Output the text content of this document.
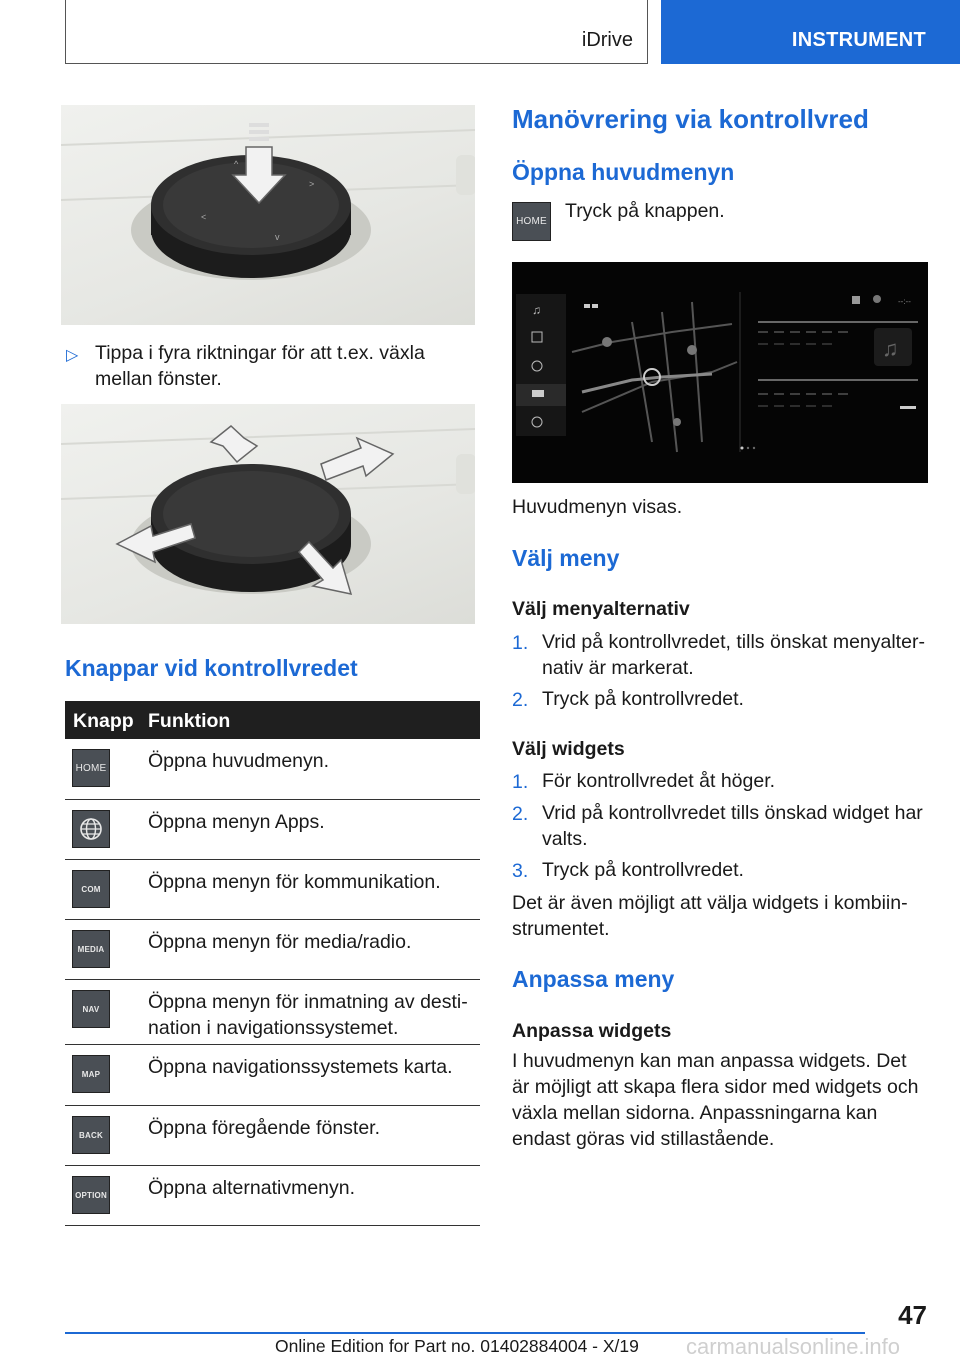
iDrive	INSTRUMENT
^
>
<
v
▷ Tippa i fyra riktningar för att t.ex. växla mellan fönster.
Knappar vid kontrollvredet
Knapp Funktion
HOME Öppna huvudmenyn.
Öppna menyn Apps.
COM	Öppna menyn för kommunikation.
MEDIA Öppna menyn för media/radio.
NAV	Öppna menyn för inmatning av destination i navigationssystemet.
MAP	Öppna navigationssystemets karta.
BACK	Öppna föregående fönster.
OPTION Öppna alternativmenyn.
Manövrering via kontrollvred
Öppna huvudmenyn
HOME Tryck på knappen.
♫
--:--
♫
Huvudmenyn visas.
Välj meny
Välj menyalternativ
1. Vrid på kontrollvredet, tills önskat menyalternativ är markerat.
2. Tryck på kontrollvredet.
Välj widgets
1. För kontrollvredet åt höger.
2. Vrid på kontrollvredet tills önskad widget har valts.
3. Tryck på kontrollvredet.
Det är även möjligt att välja widgets i kombiinstrumentet.
Anpassa meny
Anpassa widgets
I huvudmenyn kan man anpassa widgets. Det är möjligt att skapa flera sidor med widgets och växla mellan sidorna. Anpassningarna kan endast göras vid stillastående.
47
Online Edition for Part no. 01402884004 - X/19 carmanualsonline.info
